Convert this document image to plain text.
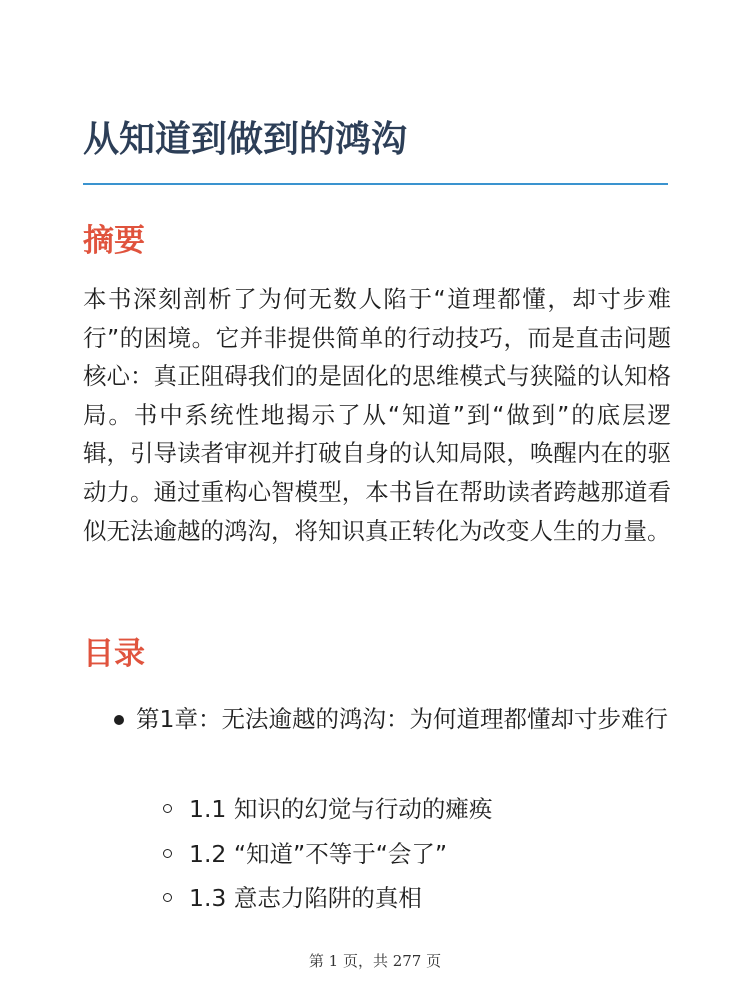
从知道到做到的鸿沟
摘要

本书深刻剖析了为何无数人陷于“道理都懂，却寸步难行”的困境。它并非提供简单的行动技巧，而是直击问题核心：真正阻碍我们的是固化的思维模式与狭隘的认知格局。书中系统性地揭示了从“知道”到“做到”的底层逻辑，引导读者审视并打破自身的认知局限，唤醒内在的驱动力。通过重构心智模型，本书旨在帮助读者跨越那道看似无法逾越的鸿沟，将知识真正转化为改变人生的力量。

目录
第1章：无法逾越的鸿沟：为何道理都懂却寸步难行
1.1 知识的幻觉与行动的瘫痪
1.2 “知道”不等于“会了”
1.3 意志力陷阱的真相
第 1 页，共 277 页
